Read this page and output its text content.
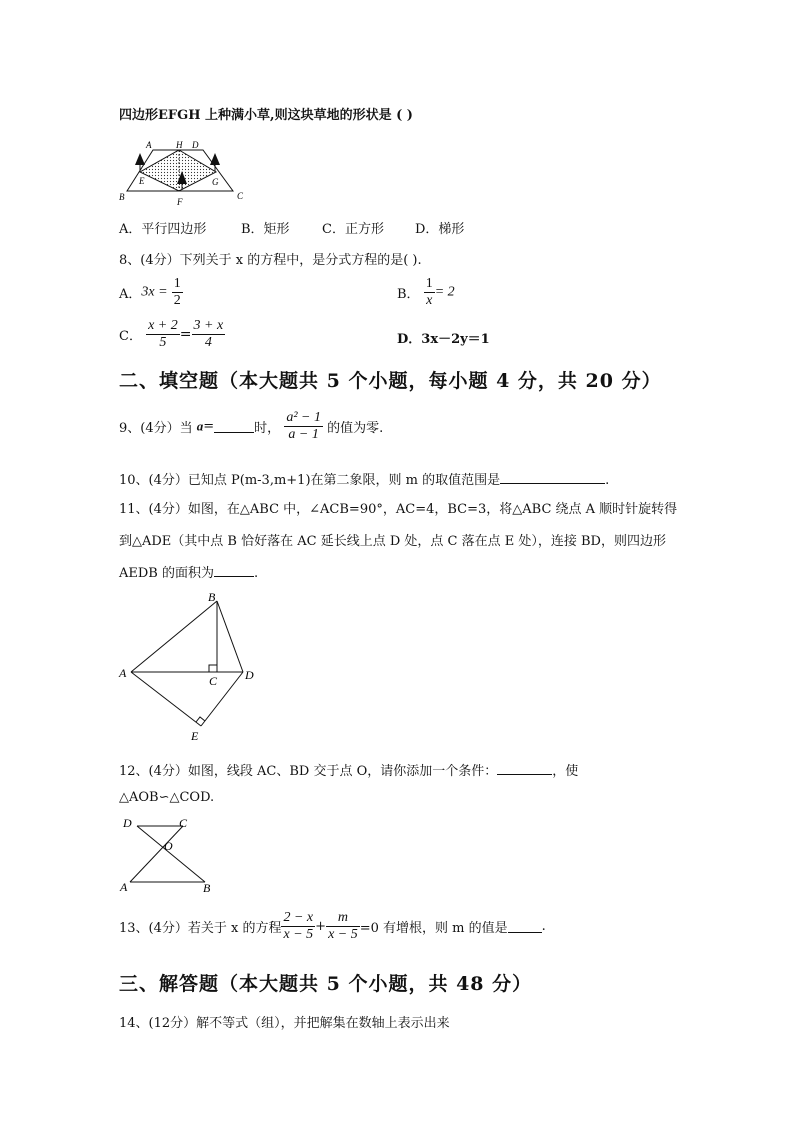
四边形EFGH 上种满小草,则这块草地的形状是 ( )
A	H D
B
E	G
F
C
A．平行四边形	B．矩形 C．正方形 D．梯形
8、(4分）下列关于 x 的方程中，是分式方程的是( ).
A．$3x = \frac{1}{2}$	B． $\frac{1}{x} = 2$
C． $\frac{x + 2}{5} = \frac{3 + x}{4}$	D．3x－2y＝1
二、填空题（本大题共 5 个小题，每小题 4 分，共 20 分）
9、(4分）当 a=	时， $\frac{\text{a² − 1}}{a - 1}$ 的值为零.
10、(4分）已知点 P(m-3,m+1)在第二象限，则 m 的取值范围是	.
11、(4分）如图，在△ABC 中，∠ACB=90°，AC=4，BC=3，将△ABC 绕点 A 顺时针旋转得
到△ADE（其中点 B 恰好落在 AC 延长线上点 D 处，点 C 落在点 E 处），连接 BD，则四边形
AEDB 的面积为	.
B
A
C D
E
12、(4分）如图，线段 AC、BD 交于点 O，请你添加一个条件：	，使
△AOB∽△COD.
D	C
O
A	B
13、(4分）若关于 x 的方程 $\frac{2 - x}{x - 5} + \frac{m}{x - 5} =0$ 有增根，则 m 的值是	.
三、解答题（本大题共 5 个小题，共 48 分）
14、(12分）解不等式（组），并把解集在数轴上表示出来
